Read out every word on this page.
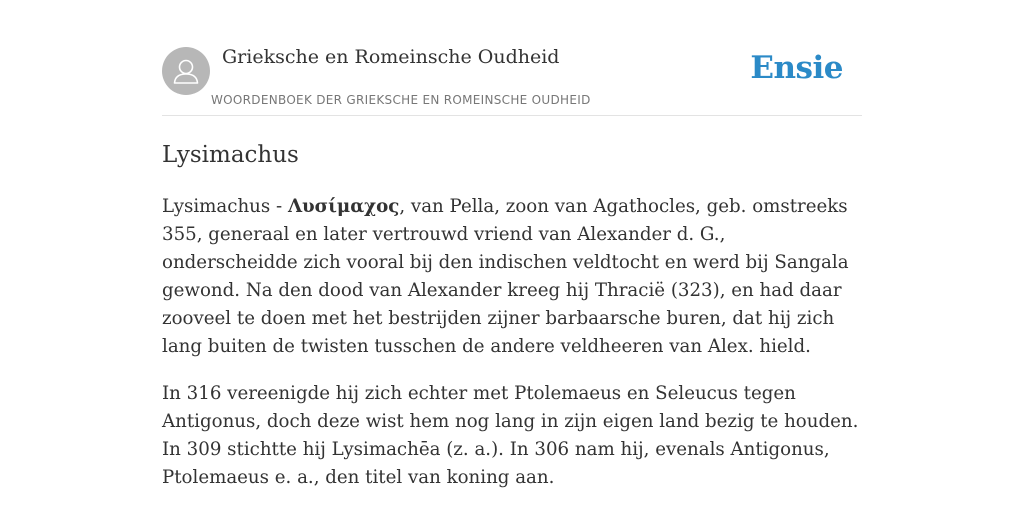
Grieksche en Romeinsche Oudheid
WOORDENBOEK DER GRIEKSCHE EN ROMEINSCHE OUDHEID
Ensie
Lysimachus

Lysimachus - Λυσίμαχος, van Pella, zoon van Agathocles, geb. omstreeks 355, generaal en later vertrouwd vriend van Alexander d. G., onderscheidde zich vooral bij den indischen veldtocht en werd bij Sangala gewond. Na den dood van Alexander kreeg hij Thracië (323), en had daar zooveel te doen met het bestrijden zijner barbaarsche buren, dat hij zich lang buiten de twisten tusschen de andere veldheeren van Alex. hield.

In 316 vereenigde hij zich echter met Ptolemaeus en Seleucus tegen Antigonus, doch deze wist hem nog lang in zijn eigen land bezig te houden. In 309 stichtte hij Lysimachēa (z. a.). In 306 nam hij, evenals Antigonus, Ptolemaeus e. a., den titel van koning aan.
